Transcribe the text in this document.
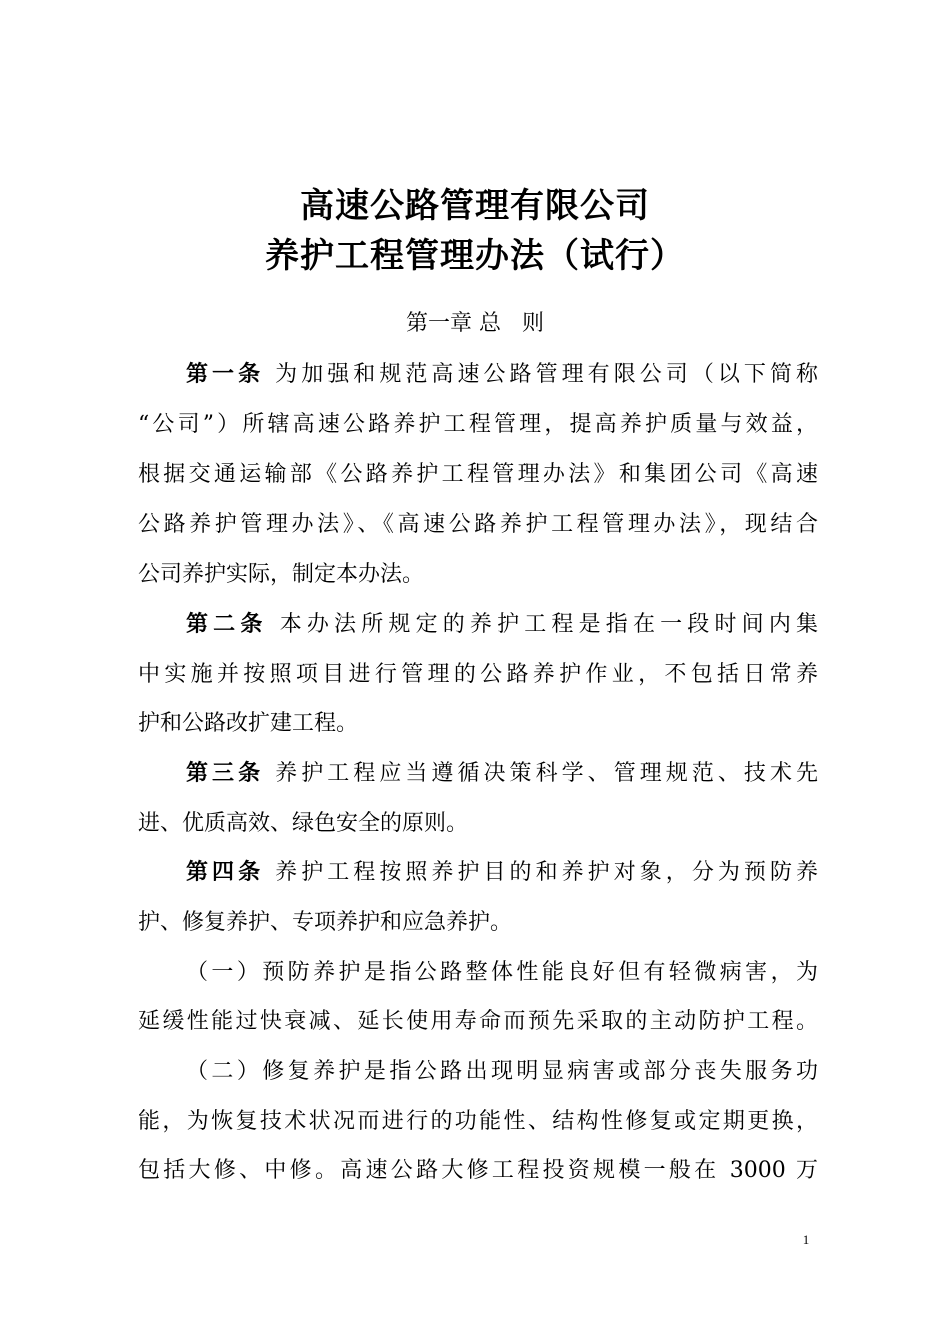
高速公路管理有限公司
养护工程管理办法（试行）
第一章 总   则
第一条 为加强和规范高速公路管理有限公司（以下简称
“公司”）所辖高速公路养护工程管理，提高养护质量与效益，
根据交通运输部《公路养护工程管理办法》和集团公司《高速
公路养护管理办法》、《高速公路养护工程管理办法》，现结合
公司养护实际，制定本办法。
第二条 本办法所规定的养护工程是指在一段时间内集
中实施并按照项目进行管理的公路养护作业，不包括日常养
护和公路改扩建工程。
第三条 养护工程应当遵循决策科学、管理规范、技术先
进、优质高效、绿色安全的原则。
第四条 养护工程按照养护目的和养护对象，分为预防养
护、修复养护、专项养护和应急养护。
（一）预防养护是指公路整体性能良好但有轻微病害，为
延缓性能过快衰减、延长使用寿命而预先采取的主动防护工程。
（二）修复养护是指公路出现明显病害或部分丧失服务功
能，为恢复技术状况而进行的功能性、结构性修复或定期更换，
包括大修、中修。高速公路大修工程投资规模一般在 3000 万
1
